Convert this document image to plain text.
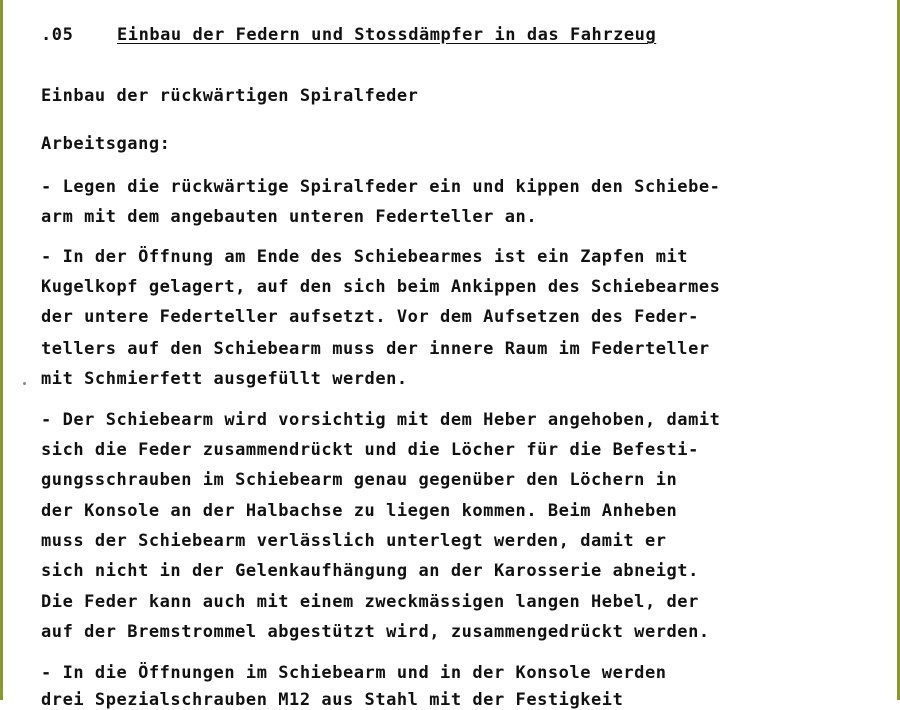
.05	Einbau der Federn und Stossdämpfer in das Fahrzeug
Einbau der rückwärtigen Spiralfeder
Arbeitsgang:
- Legen die rückwärtige Spiralfeder ein und kippen den Schiebe-
arm mit dem angebauten unteren Federteller an.
- In der Öffnung am Ende des Schiebearmes ist ein Zapfen mit
Kugelkopf gelagert, auf den sich beim Ankippen des Schiebearmes
der untere Federteller aufsetzt. Vor dem Aufsetzen des Feder-
tellers auf den Schiebearm muss der innere Raum im Federteller
mit Schmierfett ausgefüllt werden.
- Der Schiebearm wird vorsichtig mit dem Heber angehoben, damit
sich die Feder zusammendrückt und die Löcher für die Befesti-
gungsschrauben im Schiebearm genau gegenüber den Löchern in
der Konsole an der Halbachse zu liegen kommen. Beim Anheben
muss der Schiebearm verlässlich unterlegt werden, damit er
sich nicht in der Gelenkaufhängung an der Karosserie abneigt.
Die Feder kann auch mit einem zweckmässigen langen Hebel, der
auf der Bremstrommel abgestützt wird, zusammengedrückt werden.
- In die Öffnungen im Schiebearm und in der Konsole werden
drei Spezialschrauben M12 aus Stahl mit der Festigkeit
